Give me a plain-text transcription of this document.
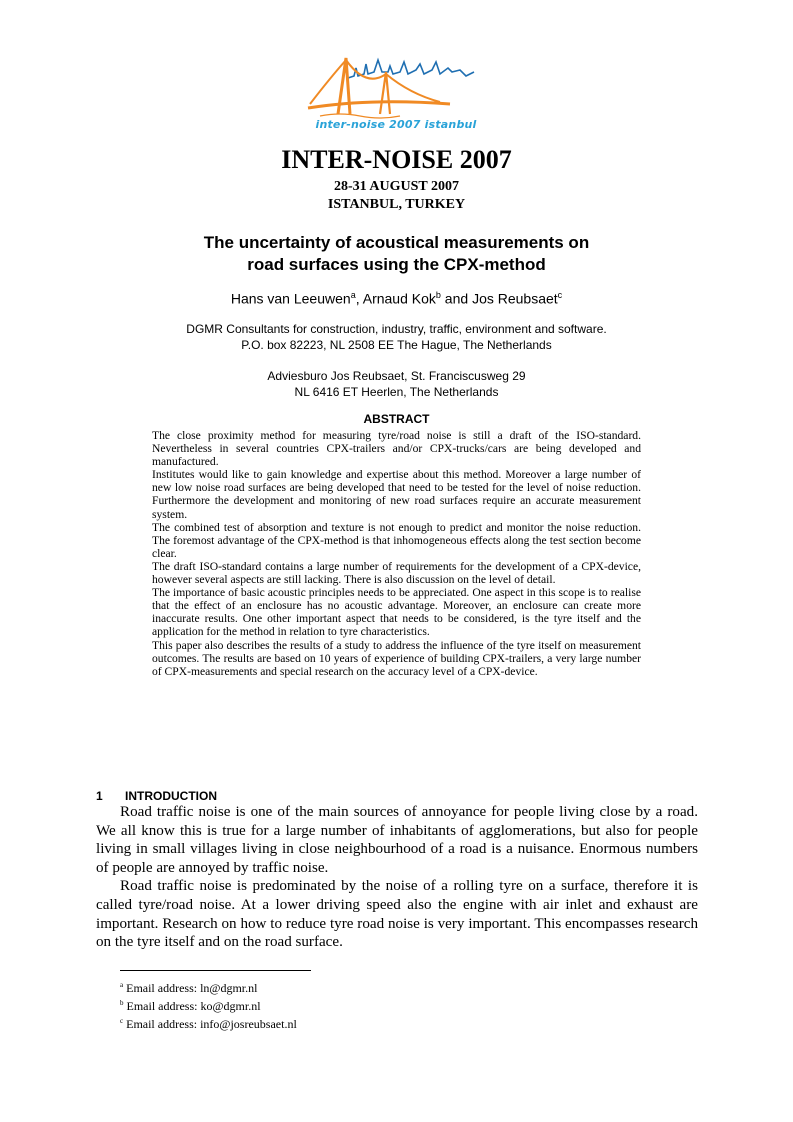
inter-noise 2007 istanbul
INTER-NOISE 2007
28-31 AUGUST 2007
ISTANBUL, TURKEY
The uncertainty of acoustical measurements on
road surfaces using the CPX-method
Hans van Leeuwen$^a$, Arnaud Kok$^b$ and Jos Reubsaet$^c$
DGMR Consultants for construction, industry, traffic, environment and software.
P.O. box 82223, NL 2508 EE The Hague, The Netherlands
Adviesburo Jos Reubsaet, St. Franciscusweg 29
NL 6416 ET Heerlen, The Netherlands
ABSTRACT

The close proximity method for measuring tyre/road noise is still a draft of the ISO-standard. Nevertheless in several countries CPX-trailers and/or CPX-trucks/cars are being developed and manufactured.

Institutes would like to gain knowledge and expertise about this method. Moreover a large number of new low noise road surfaces are being developed that need to be tested for the level of noise reduction. Furthermore the development and monitoring of new road surfaces require an accurate measurement system.

The combined test of absorption and texture is not enough to predict and monitor the noise reduction. The foremost advantage of the CPX-method is that inhomogeneous effects along the test section become clear.

The draft ISO-standard contains a large number of requirements for the development of a CPX-device, however several aspects are still lacking. There is also discussion on the level of detail.

The importance of basic acoustic principles needs to be appreciated. One aspect in this scope is to realise that the effect of an enclosure has no acoustic advantage. Moreover, an enclosure can create more inaccurate results. One other important aspect that needs to be considered, is the tyre itself and the application for the method in relation to tyre characteristics.

This paper also describes the results of a study to address the influence of the tyre itself on measurement outcomes. The results are based on 10 years of experience of building CPX-trailers, a very large number of CPX-measurements and special research on the accuracy level of a CPX-device.

1 INTRODUCTION

Road traffic noise is one of the main sources of annoyance for people living close by a road. We all know this is true for a large number of inhabitants of agglomerations, but also for people living in small villages living in close neighbourhood of a road is a nuisance. Enormous numbers of people are annoyed by traffic noise.

Road traffic noise is predominated by the noise of a rolling tyre on a surface, therefore it is called tyre/road noise. At a lower driving speed also the engine with air inlet and exhaust are important. Research on how to reduce tyre road noise is very important. This encompasses research on the tyre itself and on the road surface.

$^a$ Email address: ln@dgmr.nl
$^b$ Email address: ko@dgmr.nl
$^c$ Email address: info@josreubsaet.nl
